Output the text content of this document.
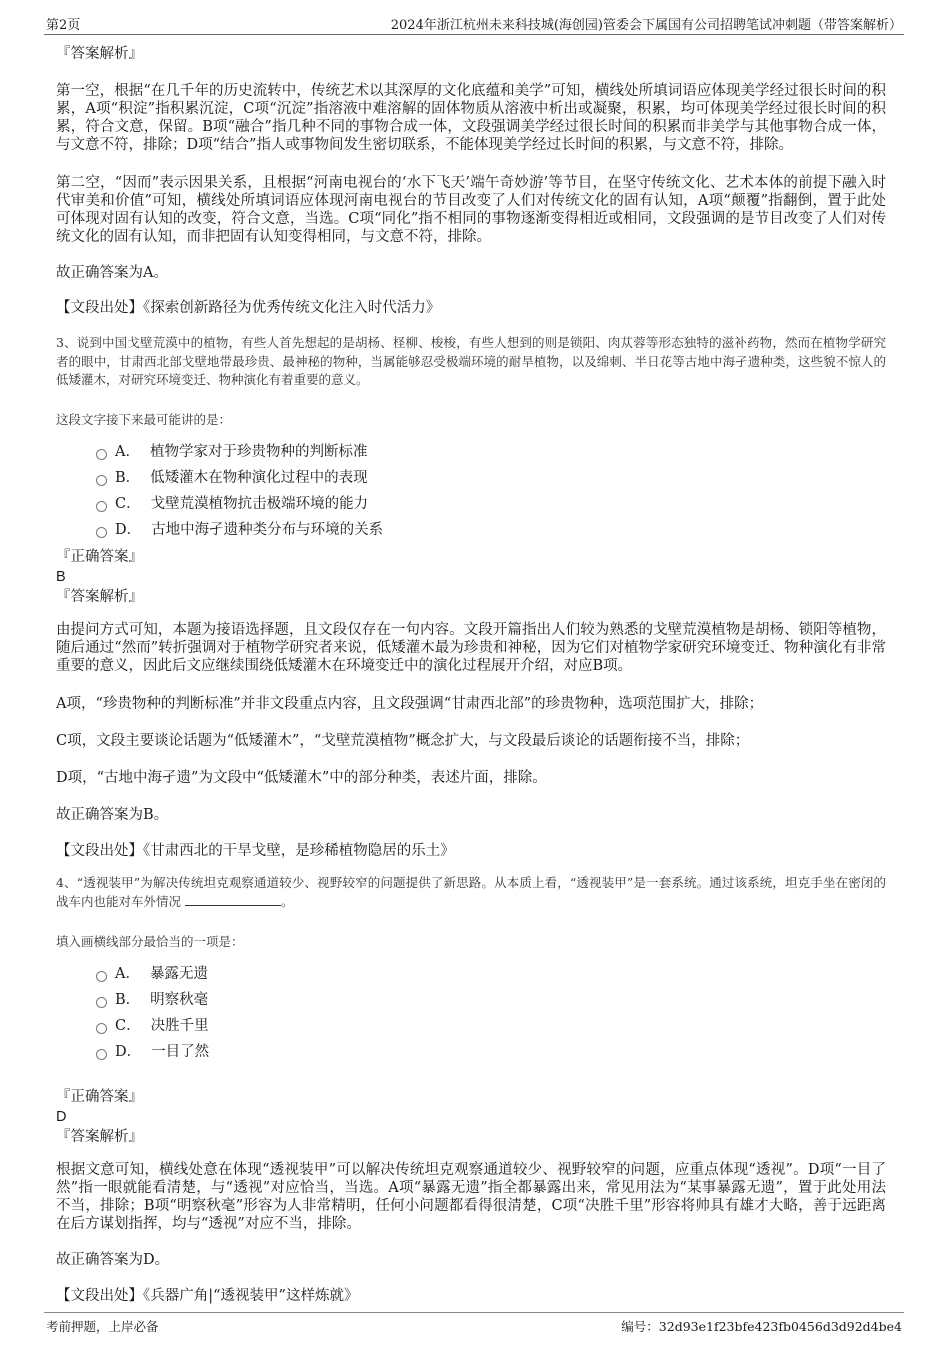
第2页	2024年浙江杭州未来科技城(海创园)管委会下属国有公司招聘笔试冲刺题（带答案解析）

『答案解析』

第一空，根据“在几千年的历史流转中，传统艺术以其深厚的文化底蕴和美学”可知，横线处所填词语应体现美学经过很长时间的积累，A项“积淀”指积累沉淀，C项“沉淀”指溶液中难溶解的固体物质从溶液中析出或凝聚，积累，均可体现美学经过很长时间的积累，符合文意，保留。B项“融合”指几种不同的事物合成一体，文段强调美学经过很长时间的积累而非美学与其他事物合成一体，与文意不符，排除；D项“结合”指人或事物间发生密切联系，不能体现美学经过长时间的积累，与文意不符，排除。

第二空，“因而”表示因果关系，且根据“河南电视台的‘水下飞天’端午奇妙游’等节目，在坚守传统文化、艺术本体的前提下融入时代审美和价值”可知，横线处所填词语应体现河南电视台的节目改变了人们对传统文化的固有认知，A项“颠覆”指翻倒，置于此处可体现对固有认知的改变，符合文意，当选。C项“同化”指不相同的事物逐渐变得相近或相同，文段强调的是节目改变了人们对传统文化的固有认知，而非把固有认知变得相同，与文意不符，排除。

故正确答案为A。

【文段出处】《探索创新路径为优秀传统文化注入时代活力》

3、说到中国戈壁荒漠中的植物，有些人首先想起的是胡杨、柽柳、梭梭，有些人想到的则是锁阳、肉苁蓉等形态独特的滋补药物，然而在植物学研究者的眼中，甘肃西北部戈壁地带最珍贵、最神秘的物种，当属能够忍受极端环境的耐旱植物，以及绵刺、半日花等古地中海孑遗种类，这些貌不惊人的低矮灌木，对研究环境变迁、物种演化有着重要的意义。

这段文字接下来最可能讲的是：

A． 植物学家对于珍贵物种的判断标准
B． 低矮灌木在物种演化过程中的表现
C． 戈壁荒漠植物抗击极端环境的能力
D． 古地中海孑遗种类分布与环境的关系

『正确答案』

B

『答案解析』

由提问方式可知，本题为接语选择题，且文段仅存在一句内容。文段开篇指出人们较为熟悉的戈壁荒漠植物是胡杨、锁阳等植物，随后通过“然而”转折强调对于植物学研究者来说，低矮灌木最为珍贵和神秘，因为它们对植物学家研究环境变迁、物种演化有非常重要的意义，因此后文应继续围绕低矮灌木在环境变迁中的演化过程展开介绍，对应B项。

A项，“珍贵物种的判断标准”并非文段重点内容，且文段强调“甘肃西北部”的珍贵物种，选项范围扩大，排除；

C项，文段主要谈论话题为“低矮灌木”，“戈壁荒漠植物”概念扩大，与文段最后谈论的话题衔接不当，排除；

D项，“古地中海孑遗”为文段中“低矮灌木”中的部分种类，表述片面，排除。

故正确答案为B。

【文段出处】《甘肃西北的干旱戈壁，是珍稀植物隐居的乐土》

4、“透视装甲”为解决传统坦克观察通道较少、视野较窄的问题提供了新思路。从本质上看，“透视装甲”是一套系统。通过该系统，坦克手坐在密闭的战车内也能对车外情况	。

填入画横线部分最恰当的一项是：

A． 暴露无遗
B． 明察秋毫
C． 决胜千里
D． 一目了然

『正确答案』

D

『答案解析』

根据文意可知，横线处意在体现“透视装甲”可以解决传统坦克观察通道较少、视野较窄的问题，应重点体现“透视”。D项“一目了然”指一眼就能看清楚，与“透视”对应恰当，当选。A项“暴露无遗”指全都暴露出来，常见用法为“某事暴露无遗”，置于此处用法不当，排除；B项“明察秋毫”形容为人非常精明，任何小问题都看得很清楚，C项“决胜千里”形容将帅具有雄才大略，善于远距离在后方谋划指挥，均与“透视”对应不当，排除。

故正确答案为D。

【文段出处】《兵器广角|“透视装甲”这样炼就》

考前押题，上岸必备	编号：32d93e1f23bfe423fb0456d3d92d4be4
